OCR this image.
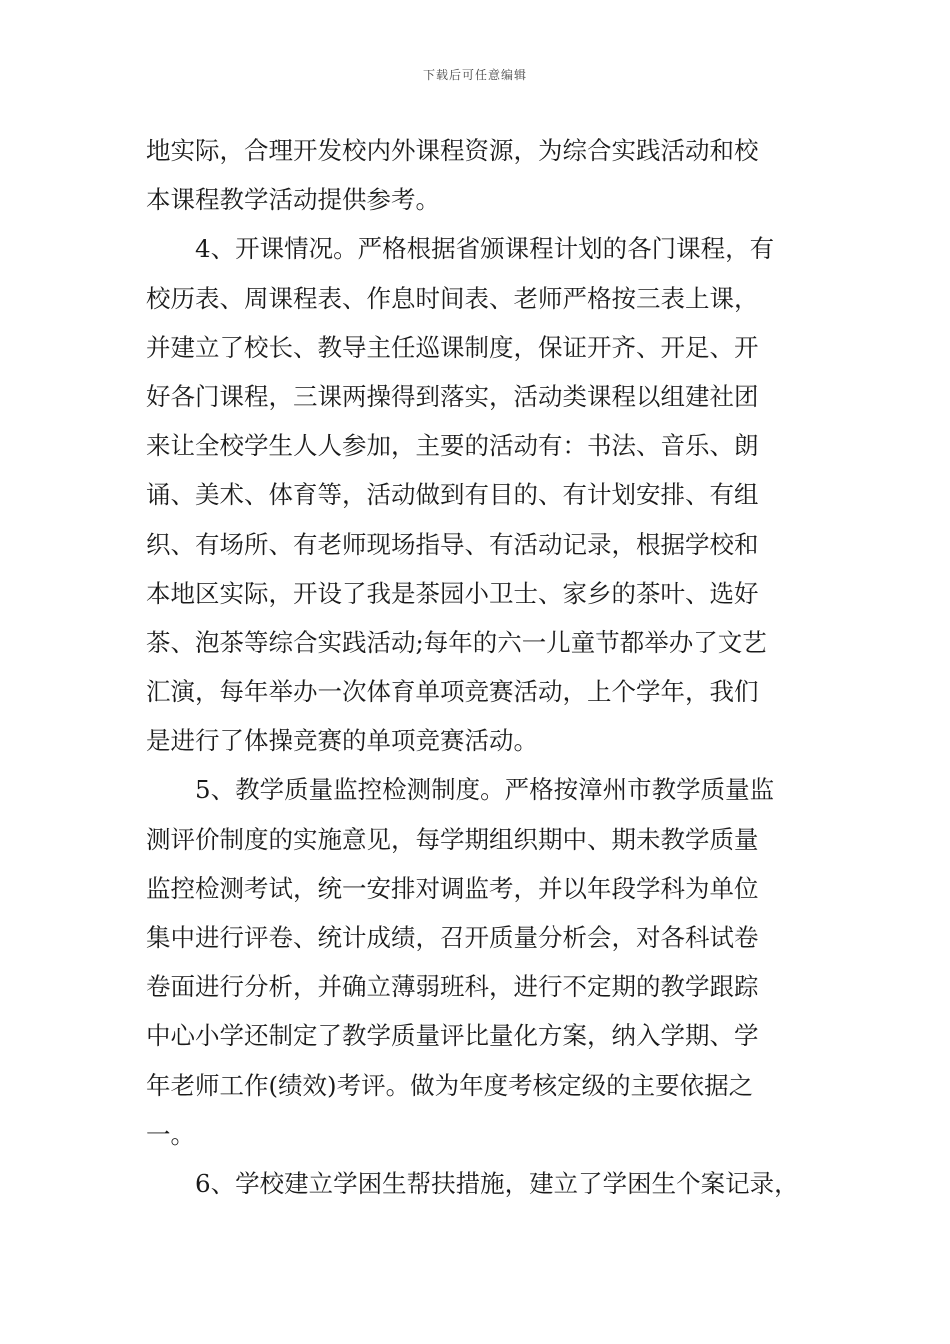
下载后可任意编辑
地实际，合理开发校内外课程资源，为综合实践活动和校
本课程教学活动提供参考。
4、开课情况。严格根据省颁课程计划的各门课程，有
校历表、周课程表、作息时间表、老师严格按三表上课，
并建立了校长、教导主任巡课制度，保证开齐、开足、开
好各门课程，三课两操得到落实，活动类课程以组建社团
来让全校学生人人参加，主要的活动有：书法、音乐、朗
诵、美术、体育等，活动做到有目的、有计划安排、有组
织、有场所、有老师现场指导、有活动记录，根据学校和
本地区实际，开设了我是茶园小卫士、家乡的茶叶、选好
茶、泡茶等综合实践活动;每年的六一儿童节都举办了文艺
汇演，每年举办一次体育单项竞赛活动，上个学年，我们
是进行了体操竞赛的单项竞赛活动。
5、教学质量监控检测制度。严格按漳州市教学质量监
测评价制度的实施意见，每学期组织期中、期未教学质量
监控检测考试，统一安排对调监考，并以年段学科为单位
集中进行评卷、统计成绩，召开质量分析会，对各科试卷
卷面进行分析，并确立薄弱班科，进行不定期的教学跟踪
中心小学还制定了教学质量评比量化方案，纳入学期、学
年老师工作(绩效)考评。做为年度考核定级的主要依据之
一。
6、学校建立学困生帮扶措施，建立了学困生个案记录，
